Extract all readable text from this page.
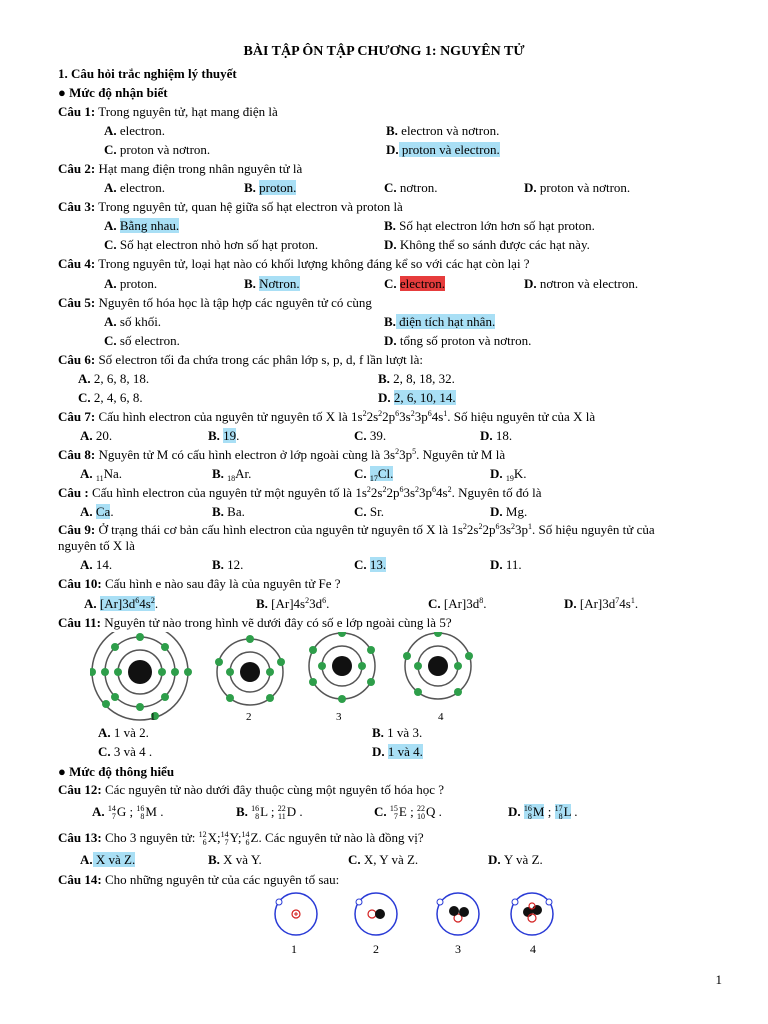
BÀI TẬP ÔN TẬP CHƯƠNG 1: NGUYÊN TỬ
1. Câu hỏi trắc nghiệm lý thuyết
● Mức độ nhận biết
Câu 1: Trong nguyên tử, hạt mang điện là
A. electron.	B. electron và nơtron.
C. proton và nơtron.	D. proton và electron.
Câu 2: Hạt mang điện trong nhân nguyên tử là
A. electron.	B. proton.	C. nơtron.	D. proton và nơtron.
Câu 3: Trong nguyên tử, quan hệ giữa số hạt electron và proton là
A. Bằng nhau.	B. Số hạt electron lớn hơn số hạt proton.
C. Số hạt electron nhỏ hơn số hạt proton.	D. Không thể so sánh được các hạt này.
Câu 4: Trong nguyên tử, loại hạt nào có khối lượng không đáng kể so với các hạt còn lại ?
A. proton.	B. Nơtron.	C. electron.	D. nơtron và electron.
Câu 5: Nguyên tố hóa học là tập hợp các nguyên tử có cùng
A. số khối.	B. điện tích hạt nhân.
C. số electron.	D. tổng số proton và nơtron.
Câu 6: Số electron tối đa chứa trong các phân lớp s, p, d, f lần lượt là:
A. 2, 6, 8, 18.	B. 2, 8, 18, 32.
C. 2, 4, 6, 8.	D. 2, 6, 10, 14.
Câu 7: Cấu hình electron của nguyên tử nguyên tố X là $1s^22s^22p^63s^23p^64s^1$. Số hiệu nguyên tử của X là
A. 20.	B. 19.	C. 39.	D. 18.
Câu 8: Nguyên tử M có cấu hình electron ở lớp ngoài cùng là $3s^23p^5$. Nguyên tử M là
A. $_{11}$Na.	B. $_{18}$Ar.	C. $_{17}$Cl.	D. $_{19}$K.
Câu : Cấu hình electron của nguyên tử một nguyên tố là $1s^22s^22p^63s^23p^64s^2$. Nguyên tố đó là
A. Ca.	B. Ba.	C. Sr.	D. Mg.
Câu 9: Ở trạng thái cơ bản cấu hình electron của nguyên tử nguyên tố X là $1s^22s^22p^63s^23p^1$. Số hiệu nguyên tử của
nguyên tố X là
A. 14.	B. 12.	C. 13.	D. 11.
Câu 10: Cấu hình e nào sau đây là của nguyên tử Fe ?
A. $[Ar]3d^64s^2$.	B. $[Ar]4s^23d^6$.	C. $[Ar]3d^8$.	D. $[Ar]3d^74s^1$.
Câu 11: Nguyên tử nào trong hình vẽ dưới đây có số e lớp ngoài cùng là 5?
1	2	3	4
A. 1 và 2.	B. 1 và 3.
C. 3 và 4 .	D. 1 và 4.
● Mức độ thông hiểu
Câu 12: Các nguyên tử nào dưới đây thuộc cùng một nguyên tố hóa học ?
A. 14
7G ; 16
8M .	B. 16
8L ; 22
11D .	C. 15
7E ; 22
10Q .	D. 16
8M ; 17
8L .
Câu 13: Cho 3 nguyên tử: 12
6X;14
7Y;14
6Z. Các nguyên tử nào là đồng vị?
A. X và Z.	B. X và Y.	C. X, Y và Z.	D. Y và Z.
Câu 14: Cho những nguyên tử của các nguyên tố sau:
1	2	3	4
1
